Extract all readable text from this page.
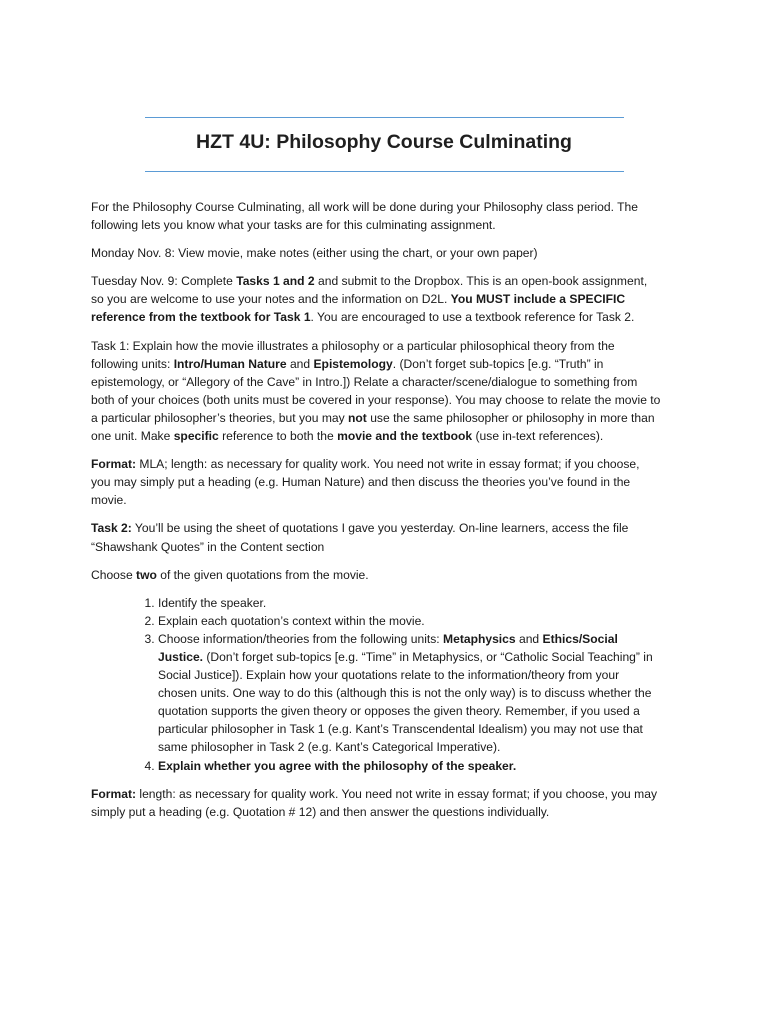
HZT 4U: Philosophy Course Culminating

For the Philosophy Course Culminating, all work will be done during your Philosophy class period. The following lets you know what your tasks are for this culminating assignment.

Monday Nov. 8: View movie, make notes (either using the chart, or your own paper)

Tuesday Nov. 9: Complete Tasks 1 and 2 and submit to the Dropbox. This is an open-book assignment, so you are welcome to use your notes and the information on D2L. You MUST include a SPECIFIC reference from the textbook for Task 1. You are encouraged to use a textbook reference for Task 2.

Task 1: Explain how the movie illustrates a philosophy or a particular philosophical theory from the following units: Intro/Human Nature and Epistemology. (Don’t forget sub-topics [e.g. “Truth” in epistemology, or “Allegory of the Cave” in Intro.]) Relate a character/scene/dialogue to something from both of your choices (both units must be covered in your response). You may choose to relate the movie to a particular philosopher’s theories, but you may not use the same philosopher or philosophy in more than one unit. Make specific reference to both the movie and the textbook (use in-text references).

Format: MLA; length: as necessary for quality work. You need not write in essay format; if you choose, you may simply put a heading (e.g. Human Nature) and then discuss the theories you’ve found in the movie.

Task 2: You’ll be using the sheet of quotations I gave you yesterday. On-line learners, access the file “Shawshank Quotes” in the Content section

Choose two of the given quotations from the movie.

1. Identify the speaker.
2. Explain each quotation’s context within the movie.
3. Choose information/theories from the following units: Metaphysics and Ethics/Social Justice. (Don’t forget sub-topics [e.g. “Time” in Metaphysics, or “Catholic Social Teaching” in Social Justice]). Explain how your quotations relate to the information/theory from your chosen units. One way to do this (although this is not the only way) is to discuss whether the quotation supports the given theory or opposes the given theory. Remember, if you used a particular philosopher in Task 1 (e.g. Kant’s Transcendental Idealism) you may not use that same philosopher in Task 2 (e.g. Kant’s Categorical Imperative).
4. Explain whether you agree with the philosophy of the speaker.

Format: length: as necessary for quality work. You need not write in essay format; if you choose, you may simply put a heading (e.g. Quotation # 12) and then answer the questions individually.
